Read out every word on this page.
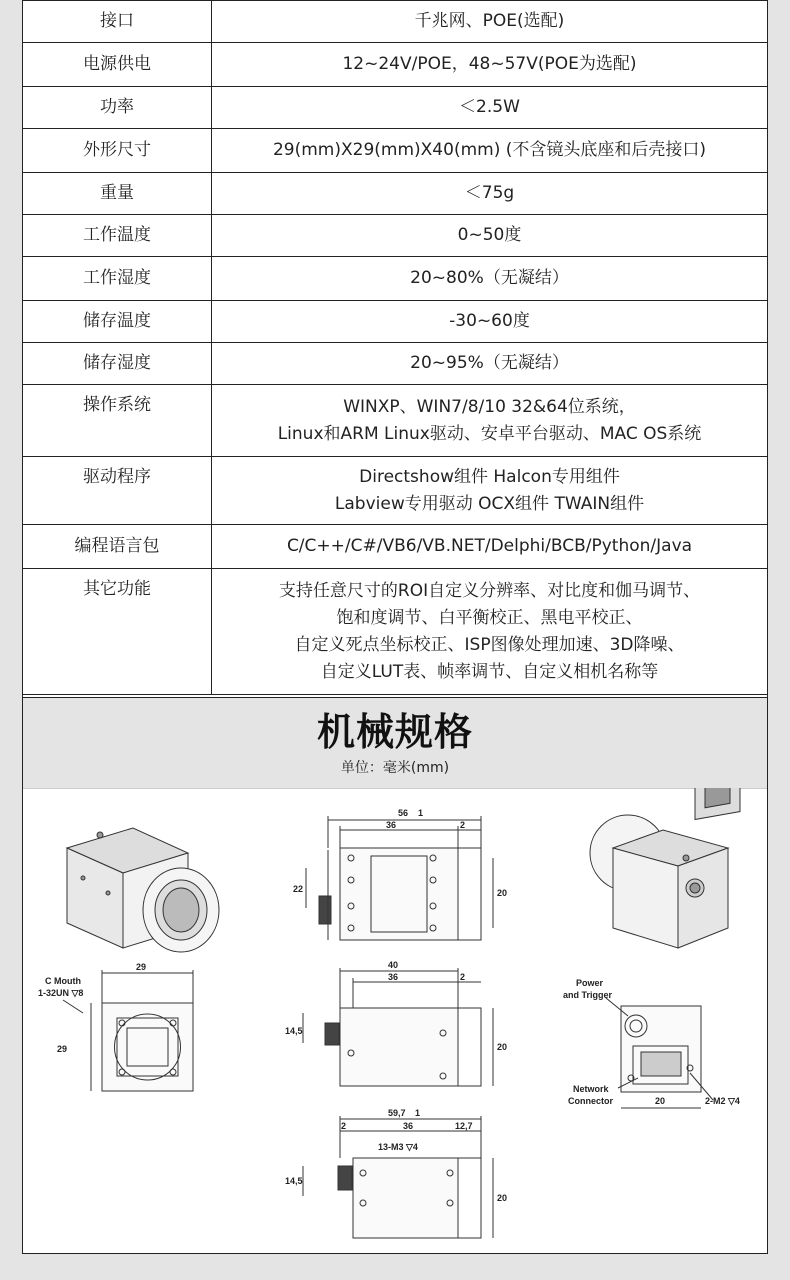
接口	千兆网、POE(选配)

电源供电	12~24V/POE，48~57V(POE为选配)

功率	＜2.5W

外形尺寸	29(mm)X29(mm)X40(mm) (不含镜头底座和后壳接口)

重量	＜75g

工作温度	0~50度

工作湿度	20~80%（无凝结）

储存温度	-30~60度

储存湿度	20~95%（无凝结）

操作系统	WINXP、WIN7/8/10 32&64位系统，
Linux和ARM Linux驱动、安卓平台驱动、MAC OS系统

驱动程序	Directshow组件 Halcon专用组件
Labview专用驱动 OCX组件 TWAIN组件

编程语言包	C/C++/C#/VB6/VB.NET/Delphi/BCB/Python/Java

其它功能	支持任意尺寸的ROI自定义分辨率、对比度和伽马调节、
饱和度调节、白平衡校正、黑电平校正、
自定义死点坐标校正、ISP图像处理加速、3D降噪、
自定义LUT表、帧率调节、自定义相机名称等
机械规格
单位：毫米(mm)
56
36	2
22	20
1
40
36	2
14,5
20
59,7 1
2	36	12,7
13-M3 ▽4
14,5
20
29
29
C Mouth
1-32UN ▽8
Power
and Trigger
Network
Connector	20	2-M2 ▽4
